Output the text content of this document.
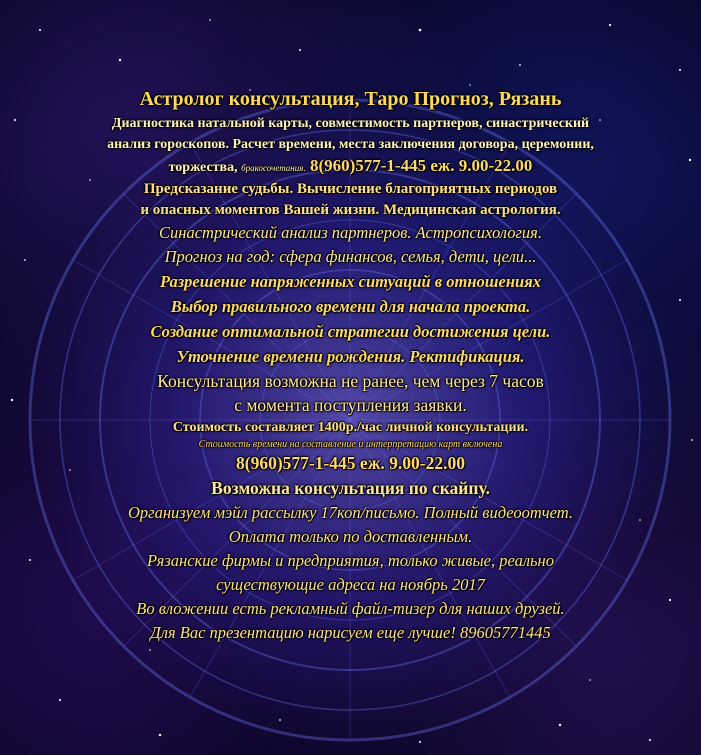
Астролог консультация, Таро Прогноз, Рязань
Диагностика натальной карты, совместимость партнеров, синастрический
анализ гороскопов. Расчет времени, места заключения договора, церемонии,
торжества, бракосочетания. 8(960)577-1-445 еж. 9.00-22.00
Предсказание судьбы. Вычисление благоприятных периодов
и опасных моментов Вашей жизни. Медицинская астрология.
Синастрический анализ партнеров. Астропсихология.
Прогноз на год: сфера финансов, семья, дети, цели...
Разрешение напряженных ситуаций в отношениях
Выбор правильного времени для начала проекта.
Создание оптимальной стратегии достижения цели.
Уточнение времени рождения. Ректификация.
Консультация возможна не ранее, чем через 7 часов
с момента поступления заявки.
Стоимость составляет 1400р./час личной консультации.
Стоимость времени на составление и интерпретацию карт включена
8(960)577-1-445 еж. 9.00-22.00
Возможна консультация по скайпу.
Организуем мэйл рассылку 17коп/письмо. Полный видеоотчет.
Оплата только по доставленным.
Рязанские фирмы и предприятия, только живые, реально
существующие адреса на ноябрь 2017
Во вложении есть рекламный файл-тизер для наших друзей.
Для Вас презентацию нарисуем еще лучше! 89605771445
